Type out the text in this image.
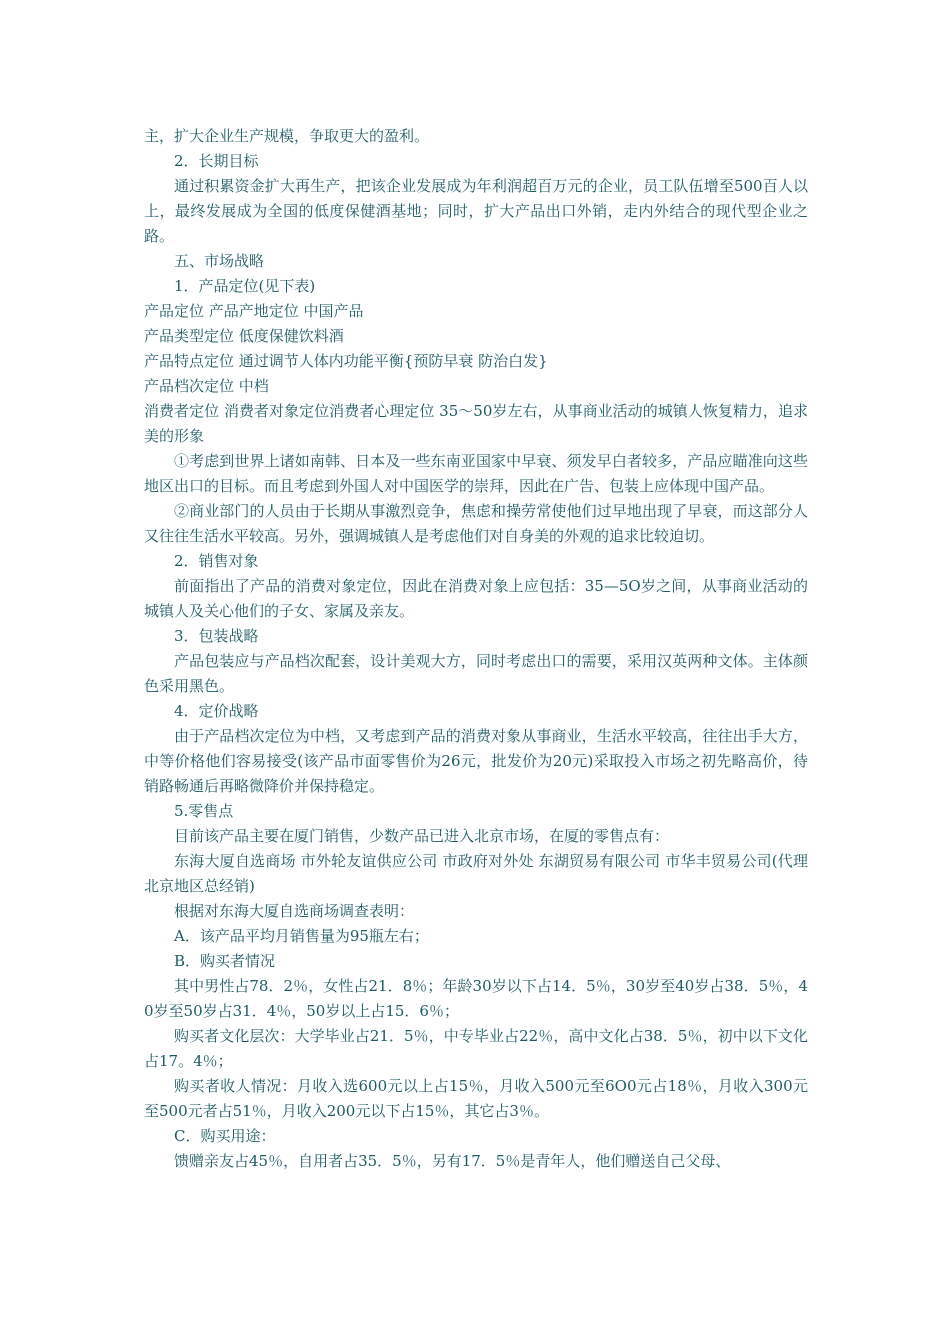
主，扩大企业生产规模，争取更大的盈利。

2．长期目标

通过积累资金扩大再生产，把该企业发展成为年利润超百万元的企业，员工队伍增至500百人以上，最终发展成为全国的低度保健酒基地；同时，扩大产品出口外销，走内外结合的现代型企业之路。

五、市场战略

1．产品定位(见下表)

产品定位 产品产地定位 中国产品

产品类型定位 低度保健饮料酒

产品特点定位 通过调节人体内功能平衡{预防早衰 防治白发}

产品档次定位 中档

消费者定位 消费者对象定位消费者心理定位 35～50岁左右，从事商业活动的城镇人恢复精力，追求美的形象

①考虑到世界上诸如南韩、日本及一些东南亚国家中早衰、须发早白者较多，产品应瞄准向这些地区出口的目标。而且考虑到外国人对中国医学的崇拜，因此在广告、包装上应体现中国产品。

②商业部门的人员由于长期从事激烈竞争，焦虑和操劳常使他们过早地出现了早衰，而这部分人又往往生活水平较高。另外，强调城镇人是考虑他们对自身美的外观的追求比较迫切。

2．销售对象

前面指出了产品的消费对象定位，因此在消费对象上应包括：35—5O岁之间，从事商业活动的城镇人及关心他们的子女、家属及亲友。

3．包装战略

产品包装应与产品档次配套，设计美观大方，同时考虑出口的需要，采用汉英两种文体。主体颜色采用黑色。

4．定价战略

由于产品档次定位为中档，又考虑到产品的消费对象从事商业，生活水平较高，往往出手大方，中等价格他们容易接受(该产品市面零售价为26元，批发价为20元)采取投入市场之初先略高价，待销路畅通后再略微降价并保持稳定。

5.零售点

目前该产品主要在厦门销售，少数产品已进入北京市场，在厦的零售点有：

东海大厦自选商场 市外轮友谊供应公司 市政府对外处 东湖贸易有限公司 市华丰贸易公司(代理北京地区总经销)

根据对东海大厦自选商场调查表明：

A．该产品平均月销售量为95瓶左右；

B．购买者情况

其中男性占78．2％，女性占21．8％；年龄30岁以下占14．5％，30岁至40岁占38．5％，40岁至50岁占31．4％，50岁以上占15．6％；

购买者文化层次：大学毕业占21．5％，中专毕业占22％，高中文化占38．5％，初中以下文化占17。4％；

购买者收人情况：月收入选600元以上占15％，月收入500元至6O0元占18％，月收入300元至500元者占51％，月收入200元以下占15％，其它占3％。

C．购买用途：

馈赠亲友占45％，自用者占35．5％，另有17．5％是青年人，他们赠送自己父母、
